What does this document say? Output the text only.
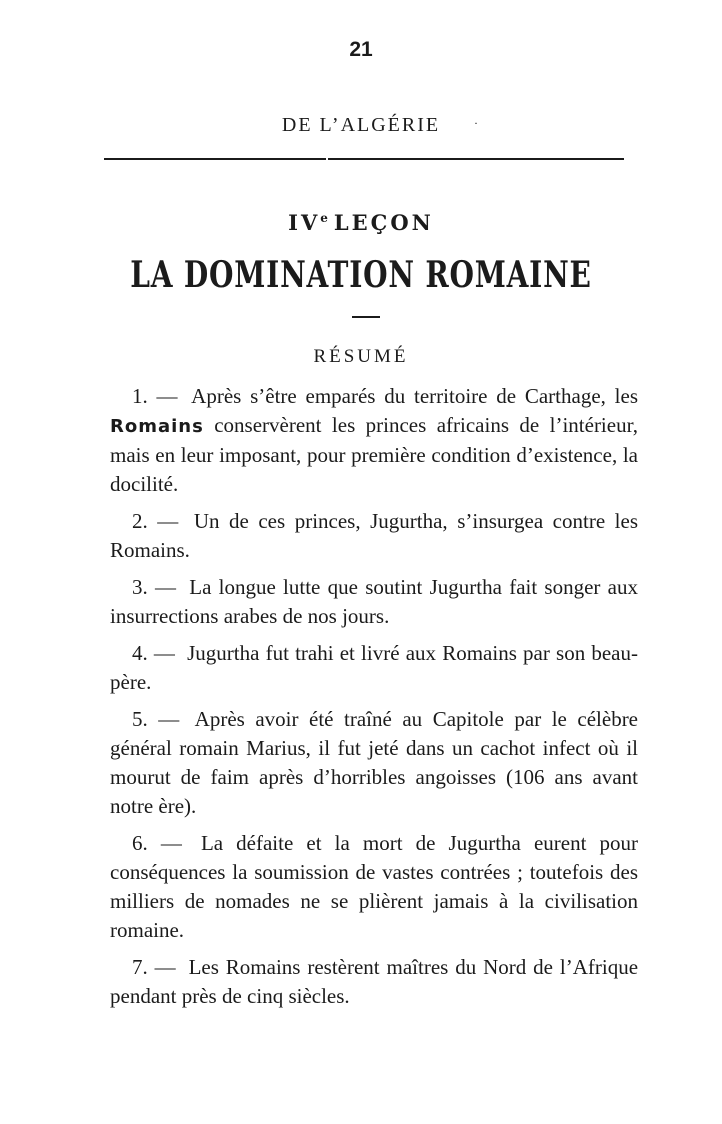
21
DE L’ALGÉRIE	·
$IV^e$ LEÇON
LA DOMINATION ROMAINE
RÉSUMÉ
1. — Après s’être emparés du territoire de Carthage, les Romains conservèrent les princes africains de l’intérieur, mais en leur imposant, pour première condition d’existence, la docilité.
2. — Un de ces princes, Jugurtha, s’insurgea contre les Romains.
3. — La longue lutte que soutint Jugurtha fait songer aux insurrections arabes de nos jours.
4. — Jugurtha fut trahi et livré aux Romains par son beau-père.
5. — Après avoir été traîné au Capitole par le célèbre général romain Marius, il fut jeté dans un cachot infect où il mourut de faim après d’horribles angoisses (106 ans avant notre ère).
6. — La défaite et la mort de Jugurtha eurent pour conséquences la soumission de vastes contrées ; toutefois des milliers de nomades ne se plièrent jamais à la civilisation romaine.
7. — Les Romains restèrent maîtres du Nord de l’Afrique pendant près de cinq siècles.
